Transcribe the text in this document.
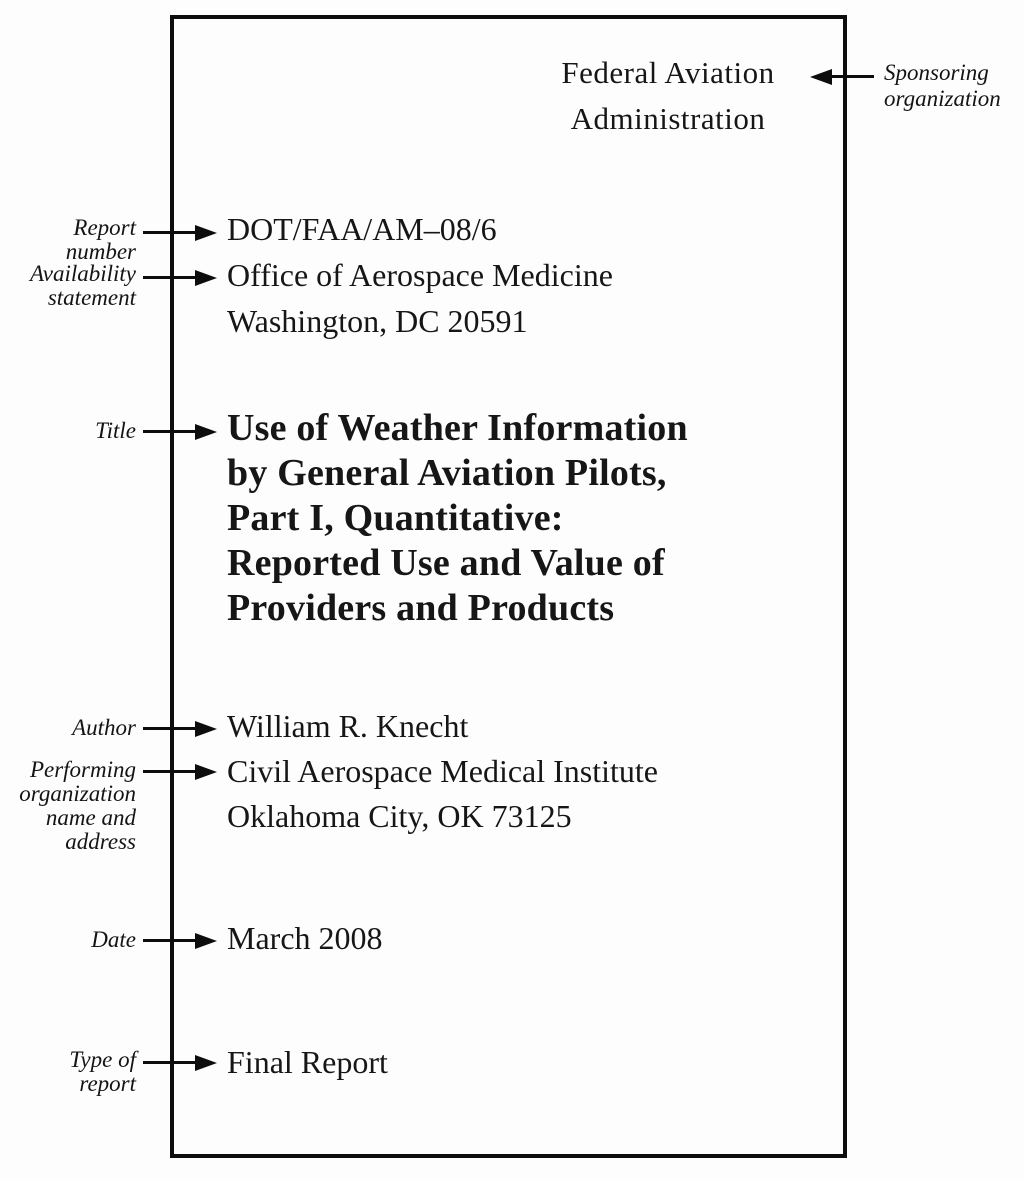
Federal Aviation
Administration
DOT/FAA/AM–08/6
Office of Aerospace Medicine
Washington, DC 20591
Use of Weather Information
by General Aviation Pilots,
Part I, Quantitative:
Reported Use and Value of
Providers and Products
William R. Knecht
Civil Aerospace Medical Institute
Oklahoma City, OK 73125
March 2008
Final Report
Report
number
Availability
statement
Title
Author
Performing
organization
name and
address
Date
Type of
report
Sponsoring
organization
